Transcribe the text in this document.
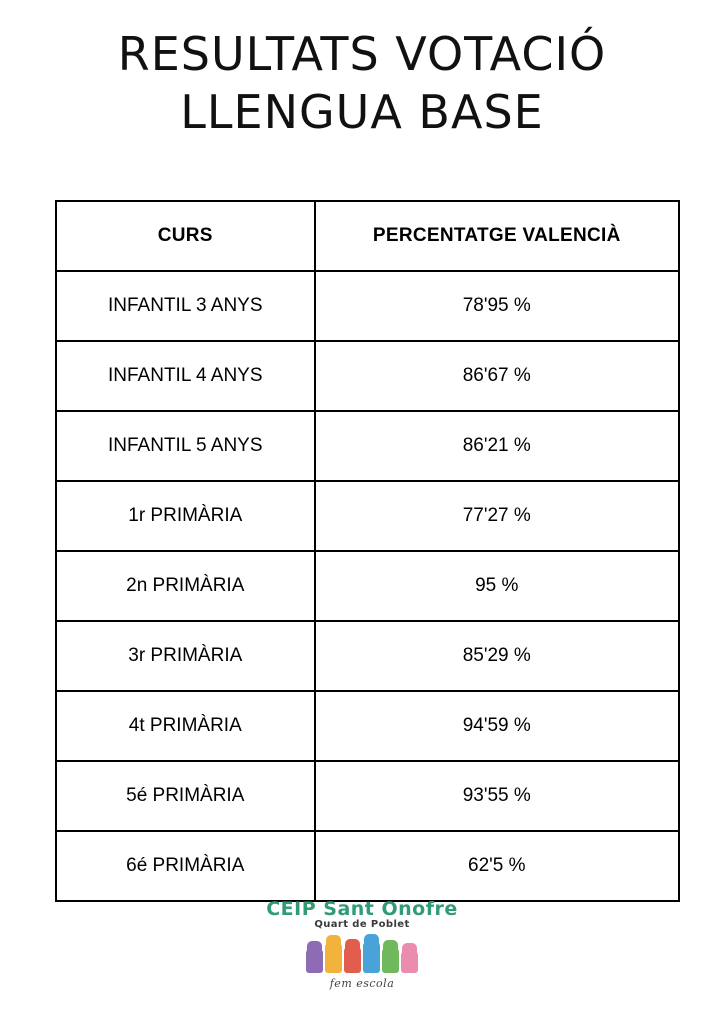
RESULTATS VOTACIÓ
LLENGUA BASE
CURS	PERCENTATGE VALENCIÀ
INFANTIL 3 ANYS	78'95 %
INFANTIL 4 ANYS	86'67 %
INFANTIL 5 ANYS	86'21 %
1r PRIMÀRIA	77'27 %
2n PRIMÀRIA	95 %
3r PRIMÀRIA	85'29 %
4t PRIMÀRIA	94'59 %
5é PRIMÀRIA	93'55 %
6é PRIMÀRIA	62'5 %
CEIP Sant Onofre
Quart de Poblet
fem escola
